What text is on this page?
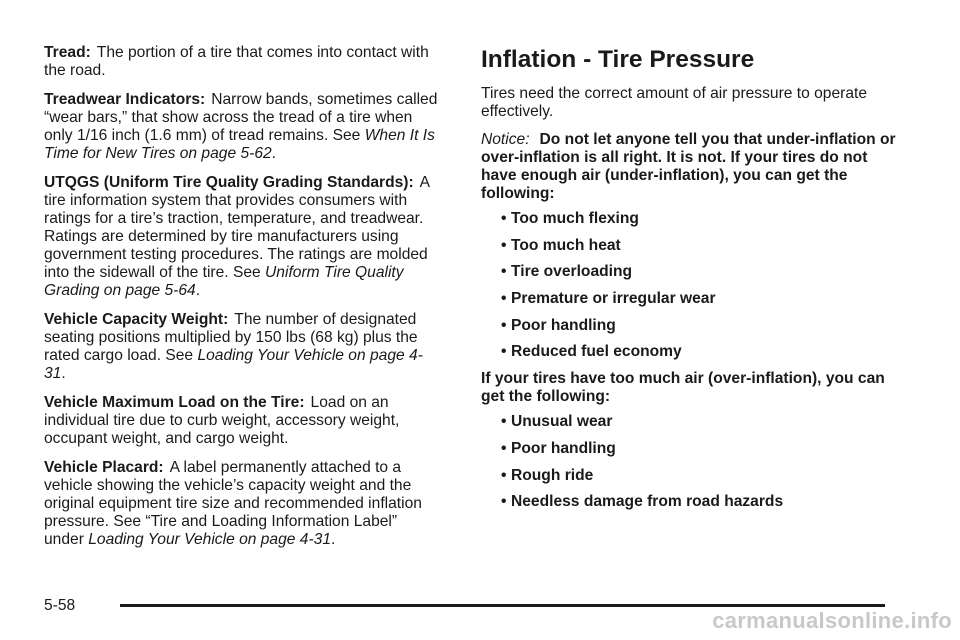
Tread: The portion of a tire that comes into contact with the road.

Treadwear Indicators: Narrow bands, sometimes called “wear bars,” that show across the tread of a tire when only 1/16 inch (1.6 mm) of tread remains. See When It Is Time for New Tires on page 5-62.

UTQGS (Uniform Tire Quality Grading Standards): A tire information system that provides consumers with ratings for a tire’s traction, temperature, and treadwear. Ratings are determined by tire manufacturers using government testing procedures. The ratings are molded into the sidewall of the tire. See Uniform Tire Quality Grading on page 5-64.

Vehicle Capacity Weight: The number of designated seating positions multiplied by 150 lbs (68 kg) plus the rated cargo load. See Loading Your Vehicle on page 4-31.

Vehicle Maximum Load on the Tire: Load on an individual tire due to curb weight, accessory weight, occupant weight, and cargo weight.

Vehicle Placard: A label permanently attached to a vehicle showing the vehicle’s capacity weight and the original equipment tire size and recommended inflation pressure. See “Tire and Loading Information Label” under Loading Your Vehicle on page 4-31.

Inflation - Tire Pressure

Tires need the correct amount of air pressure to operate effectively.

Notice: Do not let anyone tell you that under-inflation or over-inflation is all right. It is not. If your tires do not have enough air (under-inflation), you can get the following:

• Too much flexing
• Too much heat
• Tire overloading
• Premature or irregular wear
• Poor handling
• Reduced fuel economy

If your tires have too much air (over-inflation), you can get the following:

• Unusual wear
• Poor handling
• Rough ride
• Needless damage from road hazards
5-58
carmanualsonline.info
